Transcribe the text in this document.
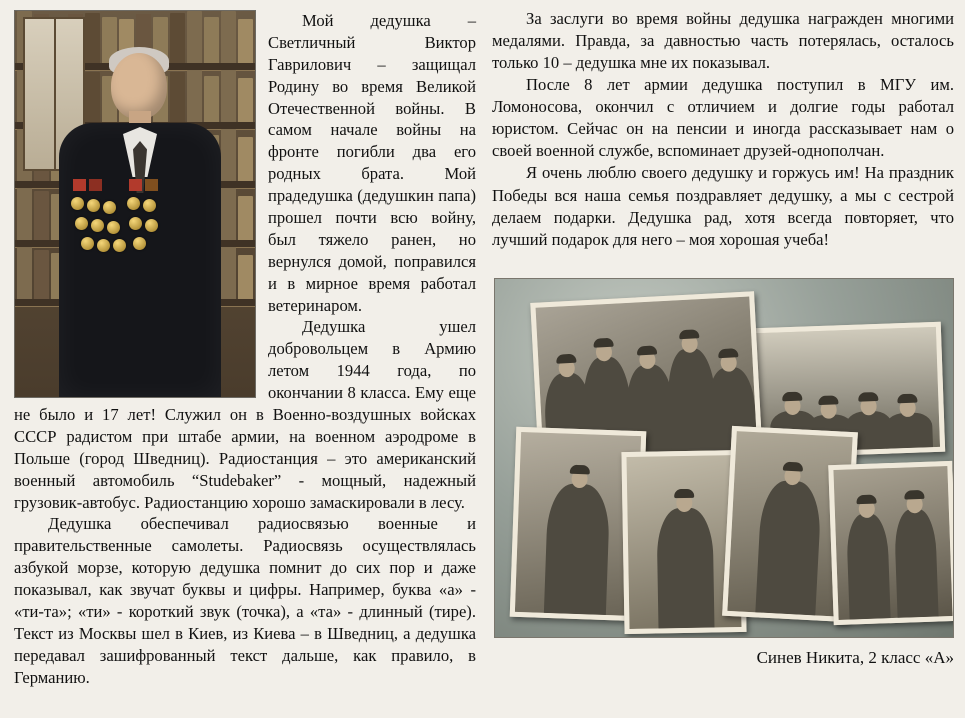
Мой дедушка – Светличный Виктор Гаврилович – защищал Родину во время Великой Отечественной войны. В самом начале войны на фронте погибли два его родных брата. Мой прадедушка (дедушкин папа) прошел почти всю войну, был тяжело ранен, но вернулся домой, поправился и в мирное время работал ветеринаром.

Дедушка ушел добровольцем в Армию летом 1944 года, по окончании 8 класса. Ему еще не было и 17 лет! Служил он в Военно-воздушных войсках СССР радистом при штабе армии, на военном аэродроме в Польше (город Шведниц). Радиостанция – это американский военный автомобиль “Studebaker” - мощный, надежный грузовик-автобус. Радиостанцию хорошо замаскировали в лесу.

Дедушка обеспечивал радиосвязью военные и правительственные самолеты. Радиосвязь осуществлялась азбукой морзе, которую дедушка помнит до сих пор и даже показывал, как звучат буквы и цифры. Например, буква «а» - «ти-та»; «ти» - короткий звук (точка), а «та» - длинный (тире). Текст из Москвы шел в Киев, из Киева – в Шведниц, а дедушка передавал зашифрованный текст дальше, как правило, в Германию.

За заслуги во время войны дедушка награжден многими медалями. Правда, за давностью часть потерялась, осталось только 10 – дедушка мне их показывал.

После 8 лет армии дедушка поступил в МГУ им. Ломоносова, окончил с отличием и долгие годы работал юристом. Сейчас он на пенсии и иногда рассказывает нам о своей военной службе, вспоминает друзей-однополчан.

Я очень люблю своего дедушку и горжусь им! На праздник Победы вся наша семья поздравляет дедушку, а мы с сестрой делаем подарки. Дедушка рад, хотя всегда повторяет, что лучший подарок для него – моя хорошая учеба!

Синев Никита, 2 класс «А»
